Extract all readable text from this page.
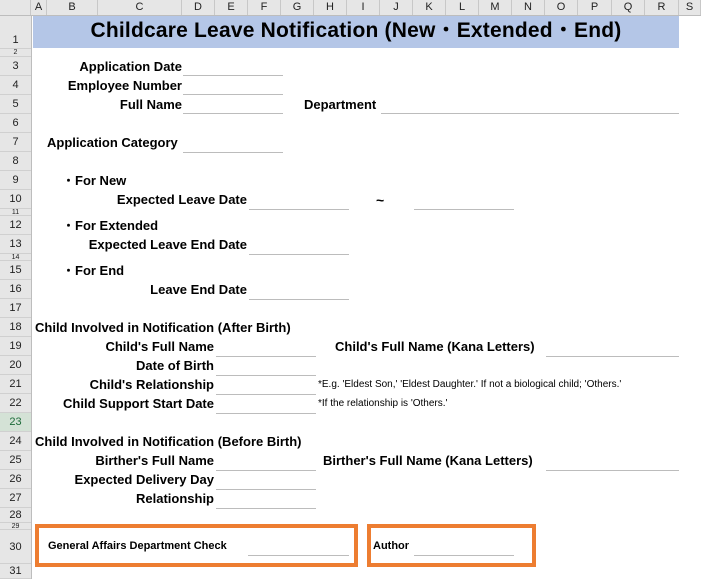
A	B	C	D	E	F	G	H	I	J	K	L	M	N	O	P	Q	R	S
1
2
3
4
5
6
7
8
9
10
11
12
13
14
15
16
17
18
19
20
21
22
23
24
25
26
27
28
29
30
31
Childcare Leave Notification (New・Extended・End)
Application Date
Employee Number
Full Name	Department
Application Category
・For New
Expected Leave Date	~
・For Extended
Expected Leave End Date
・For End
Leave End Date
Child Involved in Notification (After Birth)
Child's Full Name	Child's Full Name (Kana Letters)
Date of Birth
Child's Relationship	*E.g. 'Eldest Son,' 'Eldest Daughter.' If not a biological child; 'Others.'
Child Support Start Date	*If the relationship is 'Others.'
Child Involved in Notification (Before Birth)
Birther's Full Name	Birther's Full Name (Kana Letters)
Expected Delivery Day
Relationship
General Affairs Department Check	Author
